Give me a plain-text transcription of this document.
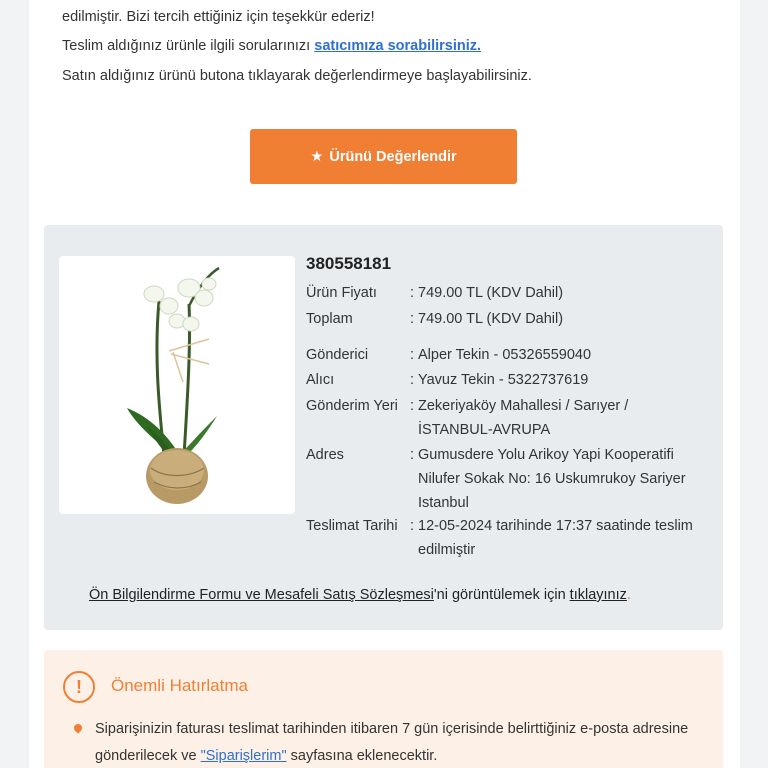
edilmiştir. Bizi tercih ettiğiniz için teşekkür ederiz!
Teslim aldığınız ürünle ilgili sorularınızı satıcımıza sorabilirsiniz.
Satın aldığınız ürünü butona tıklayarak değerlendirmeye başlayabilirsiniz.
★ Ürünü Değerlendir
380558181
Ürün Fiyatı : 749.00 TL (KDV Dahil)
Toplam	: 749.00 TL (KDV Dahil)
Gönderici	: Alper Tekin - 05326559040
Alıcı	: Yavuz Tekin - 5322737619
Gönderim Yeri : Zekeriyaköy Mahallesi / Sarıyer / İSTANBUL-AVRUPA
Adres	: Gumusdere Yolu Arikoy Yapi Kooperatifi Nilufer Sokak No: 16 Uskumrukoy Sariyer Istanbul
Teslimat Tarihi : 12-05-2024 tarihinde 17:37 saatinde teslim edilmiştir
Ön Bilgilendirme Formu ve Mesafeli Satış Sözleşmesi'ni görüntülemek için tıklayınız.
!	Önemli Hatırlatma
Siparişinizin faturası teslimat tarihinden itibaren 7 gün içerisinde belirttiğiniz e-posta adresine gönderilecek ve "Siparişlerim" sayfasına eklenecektir.
